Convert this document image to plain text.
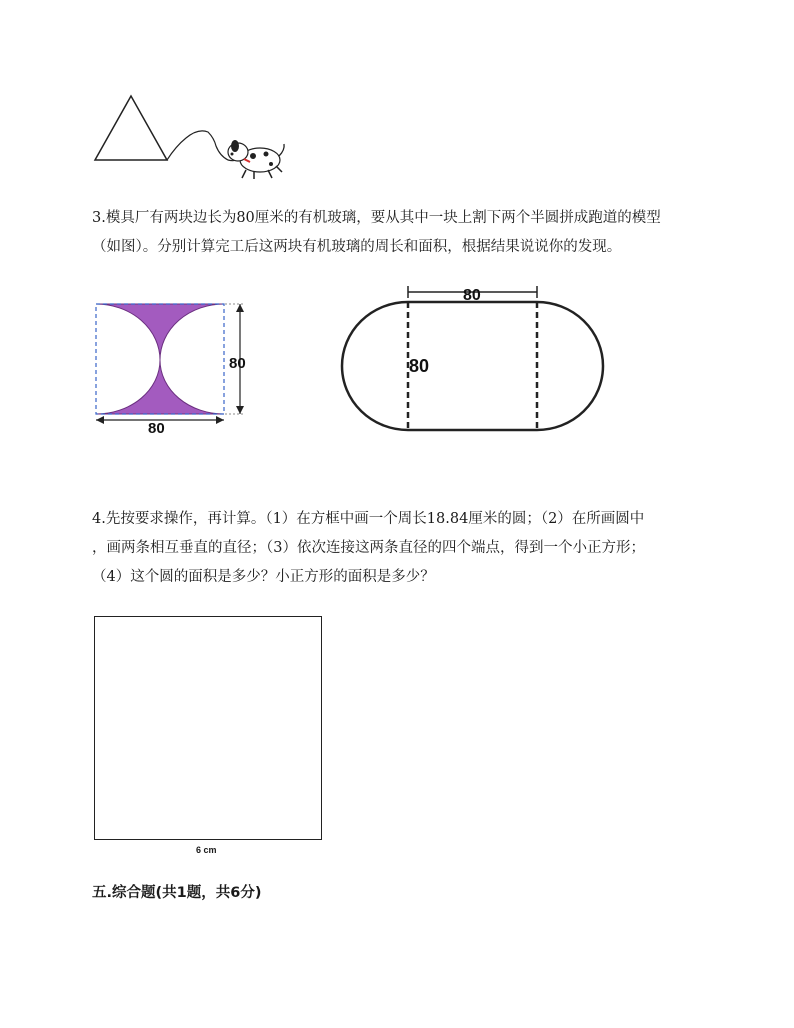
3.模具厂有两块边长为80厘米的有机玻璃，要从其中一块上割下两个半圆拼成跑道的模型
（如图）。分别计算完工后这两块有机玻璃的周长和面积，根据结果说说你的发现。
80
80
80
80
4.先按要求操作，再计算。（1）在方框中画一个周长18.84厘米的圆；（2）在所画圆中
，画两条相互垂直的直径；（3）依次连接这两条直径的四个端点，得到一个小正方形；
（4）这个圆的面积是多少？小正方形的面积是多少？
6 cm
五.综合题(共1题，共6分)
